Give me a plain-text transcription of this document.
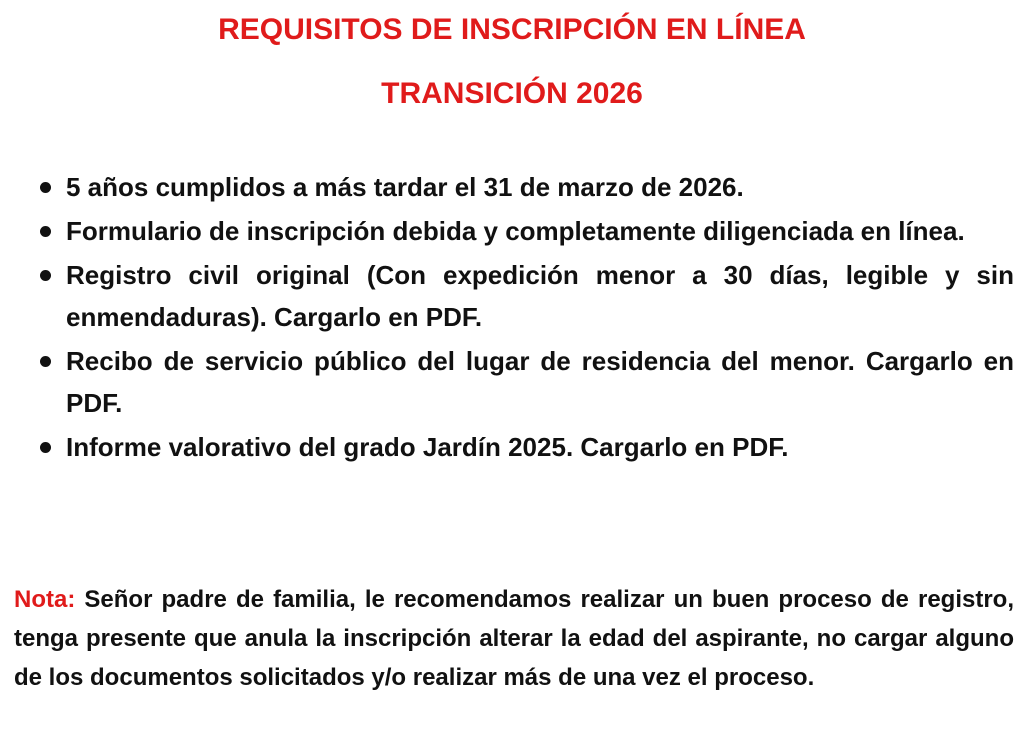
REQUISITOS DE INSCRIPCIÓN EN LÍNEA
TRANSICIÓN 2026
5 años cumplidos a más tardar el 31 de marzo de 2026.
Formulario de inscripción debida y completamente diligenciada en línea.
Registro civil original (Con expedición menor a 30 días, legible y sin enmendaduras). Cargarlo en PDF.
Recibo de servicio público del lugar de residencia del menor. Cargarlo en PDF.
Informe valorativo del grado Jardín 2025. Cargarlo en PDF.

Nota: Señor padre de familia, le recomendamos realizar un buen proceso de registro, tenga presente que anula la inscripción alterar la edad del aspirante, no cargar alguno de los documentos solicitados y/o realizar más de una vez el proceso.
